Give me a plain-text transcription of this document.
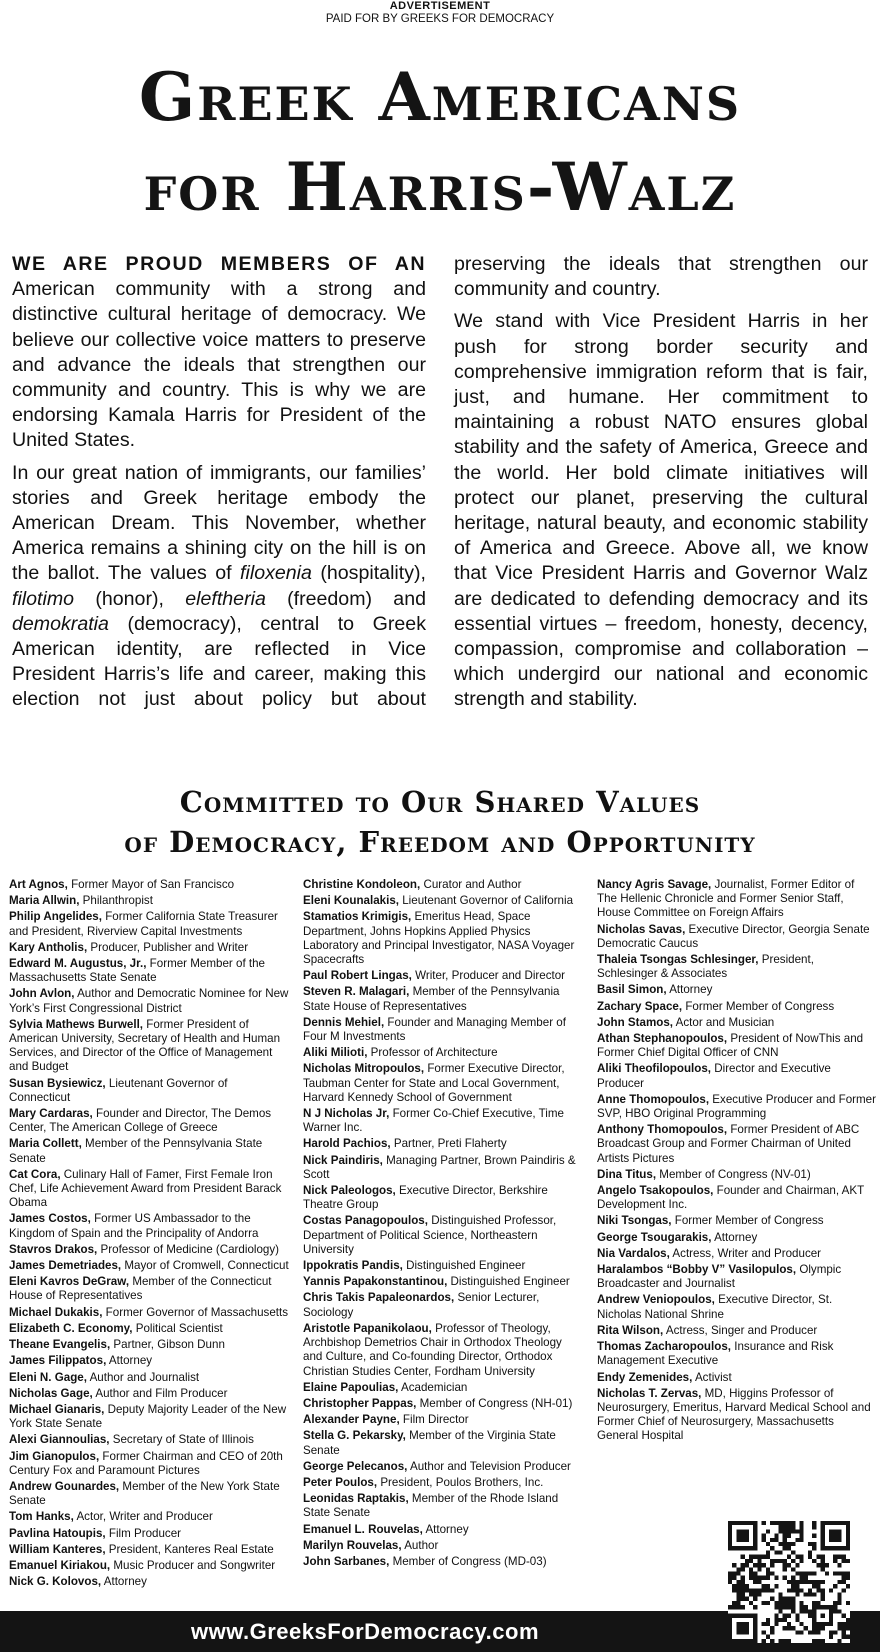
ADVERTISEMENT
PAID FOR BY GREEKS FOR DEMOCRACY
Greek Americans
for Harris-Walz

WE ARE PROUD MEMBERS OF AN American community with a strong and distinctive cultural heritage of democracy. We believe our collective voice matters to preserve and advance the ideals that strengthen our community and country. This is why we are endorsing Kamala Harris for President of the United States.

In our great nation of immigrants, our families’ stories and Greek heritage embody the American Dream. This November, whether America remains a shining city on the hill is on the ballot. The values of filoxenia (hospitality), filotimo (honor), eleftheria (freedom) and demokratia (democracy), central to Greek American identity, are reflected in Vice President Harris’s life and career, making this election not just about policy but about preserving the ideals that strengthen our community and country.

We stand with Vice President Harris in her push for strong border security and comprehensive immigration reform that is fair, just, and humane. Her commitment to maintaining a robust NATO ensures global stability and the safety of America, Greece and the world. Her bold climate initiatives will protect our planet, preserving the cultural heritage, natural beauty, and economic stability of America and Greece. Above all, we know that Vice President Harris and Governor Walz are dedicated to defending democracy and its essential virtues – freedom, honesty, decency, compassion, compromise and collaboration – which undergird our national and economic strength and stability.

Committed to Our Shared Values
of Democracy, Freedom and Opportunity
Art Agnos, Former Mayor of San Francisco
Maria Allwin, Philanthropist
Philip Angelides, Former California State Treasurer and President, Riverview Capital Investments
Kary Antholis, Producer, Publisher and Writer
Edward M. Augustus, Jr., Former Member of the Massachusetts State Senate
John Avlon, Author and Democratic Nominee for New York’s First Congressional District
Sylvia Mathews Burwell, Former President of American University, Secretary of Health and Human Services, and Director of the Office of Management and Budget
Susan Bysiewicz, Lieutenant Governor of Connecticut
Mary Cardaras, Founder and Director, The Demos Center, The American College of Greece
Maria Collett, Member of the Pennsylvania State Senate
Cat Cora, Culinary Hall of Famer, First Female Iron Chef, Life Achievement Award from President Barack Obama
James Costos, Former US Ambassador to the Kingdom of Spain and the Principality of Andorra
Stavros Drakos, Professor of Medicine (Cardiology)
James Demetriades, Mayor of Cromwell, Connecticut
Eleni Kavros DeGraw, Member of the Connecticut House of Representatives
Michael Dukakis, Former Governor of Massachusetts
Elizabeth C. Economy, Political Scientist
Theane Evangelis, Partner, Gibson Dunn
James Filippatos, Attorney
Eleni N. Gage, Author and Journalist
Nicholas Gage, Author and Film Producer
Michael Gianaris, Deputy Majority Leader of the New York State Senate
Alexi Giannoulias, Secretary of State of Illinois
Jim Gianopulos, Former Chairman and CEO of 20th Century Fox and Paramount Pictures
Andrew Gounardes, Member of the New York State Senate
Tom Hanks, Actor, Writer and Producer
Pavlina Hatoupis, Film Producer
William Kanteres, President, Kanteres Real Estate
Emanuel Kiriakou, Music Producer and Songwriter
Nick G. Kolovos, Attorney
Christine Kondoleon, Curator and Author
Eleni Kounalakis, Lieutenant Governor of California
Stamatios Krimigis, Emeritus Head, Space Department, Johns Hopkins Applied Physics Laboratory and Principal Investigator, NASA Voyager Spacecrafts
Paul Robert Lingas, Writer, Producer and Director
Steven R. Malagari, Member of the Pennsylvania State House of Representatives
Dennis Mehiel, Founder and Managing Member of Four M Investments
Aliki Milioti, Professor of Architecture
Nicholas Mitropoulos, Former Executive Director, Taubman Center for State and Local Government, Harvard Kennedy School of Government
N J Nicholas Jr, Former Co-Chief Executive, Time Warner Inc.
Harold Pachios, Partner, Preti Flaherty
Nick Paindiris, Managing Partner, Brown Paindiris & Scott
Nick Paleologos, Executive Director, Berkshire Theatre Group
Costas Panagopoulos, Distinguished Professor, Department of Political Science, Northeastern University
Ippokratis Pandis, Distinguished Engineer
Yannis Papakonstantinou, Distinguished Engineer
Chris Takis Papaleonardos, Senior Lecturer, Sociology
Aristotle Papanikolaou, Professor of Theology, Archbishop Demetrios Chair in Orthodox Theology and Culture, and Co-founding Director, Orthodox Christian Studies Center, Fordham University
Elaine Papoulias, Academician
Christopher Pappas, Member of Congress (NH-01)
Alexander Payne, Film Director
Stella G. Pekarsky, Member of the Virginia State Senate
George Pelecanos, Author and Television Producer
Peter Poulos, President, Poulos Brothers, Inc.
Leonidas Raptakis, Member of the Rhode Island State Senate
Emanuel L. Rouvelas, Attorney
Marilyn Rouvelas, Author
John Sarbanes, Member of Congress (MD-03)
Nancy Agris Savage, Journalist, Former Editor of The Hellenic Chronicle and Former Senior Staff, House Committee on Foreign Affairs
Nicholas Savas, Executive Director, Georgia Senate Democratic Caucus
Thaleia Tsongas Schlesinger, President, Schlesinger & Associates
Basil Simon, Attorney
Zachary Space, Former Member of Congress
John Stamos, Actor and Musician
Athan Stephanopoulos, President of NowThis and Former Chief Digital Officer of CNN
Aliki Theofilopoulos, Director and Executive Producer
Anne Thomopoulos, Executive Producer and Former SVP, HBO Original Programming
Anthony Thomopoulos, Former President of ABC Broadcast Group and Former Chairman of United Artists Pictures
Dina Titus, Member of Congress (NV-01)
Angelo Tsakopoulos, Founder and Chairman, AKT Development Inc.
Niki Tsongas, Former Member of Congress
George Tsougarakis, Attorney
Nia Vardalos, Actress, Writer and Producer
Haralambos “Bobby V” Vasilopulos, Olympic Broadcaster and Journalist
Andrew Veniopoulos, Executive Director, St. Nicholas National Shrine
Rita Wilson, Actress, Singer and Producer
Thomas Zacharopoulos, Insurance and Risk Management Executive
Endy Zemenides, Activist
Nicholas T. Zervas, MD, Higgins Professor of Neurosurgery, Emeritus, Harvard Medical School and Former Chief of Neurosurgery, Massachusetts General Hospital
www.GreeksForDemocracy.com
